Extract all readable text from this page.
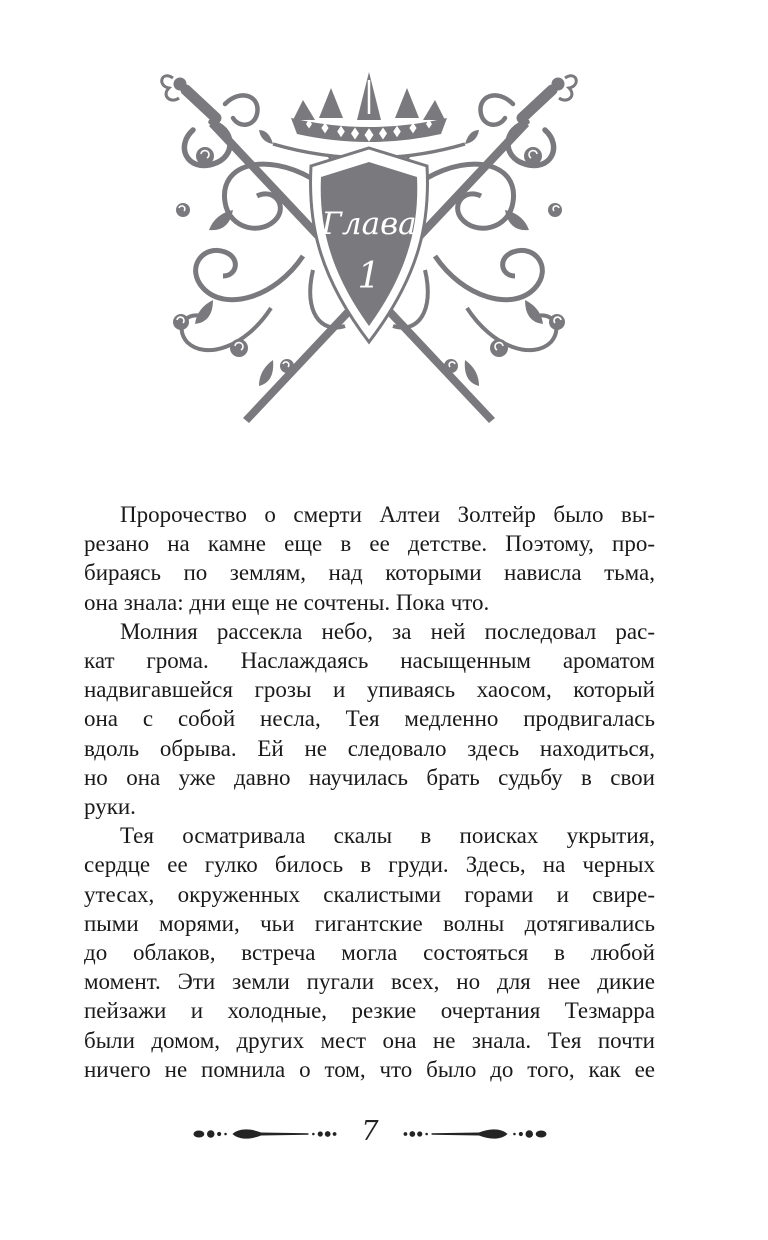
Глава
1
Пророчество о смерти Алтеи Золтейр было вы-
резано на камне еще в ее детстве. Поэтому, про-
бираясь по землям, над которыми нависла тьма,
она знала: дни еще не сочтены. Пока что.
Молния рассекла небо, за ней последовал рас-
кат грома. Наслаждаясь насыщенным ароматом
надвигавшейся грозы и упиваясь хаосом, который
она с собой несла, Тея медленно продвигалась
вдоль обрыва. Ей не следовало здесь находиться,
но она уже давно научилась брать судьбу в свои
руки.
Тея осматривала скалы в поисках укрытия,
сердце ее гулко билось в груди. Здесь, на черных
утесах, окруженных скалистыми горами и свире-
пыми морями, чьи гигантские волны дотягивались
до облаков, встреча могла состояться в любой
момент. Эти земли пугали всех, но для нее дикие
пейзажи и холодные, резкие очертания Тезмарра
были домом, других мест она не знала. Тея почти
ничего не помнила о том, что было до того, как ее
7
